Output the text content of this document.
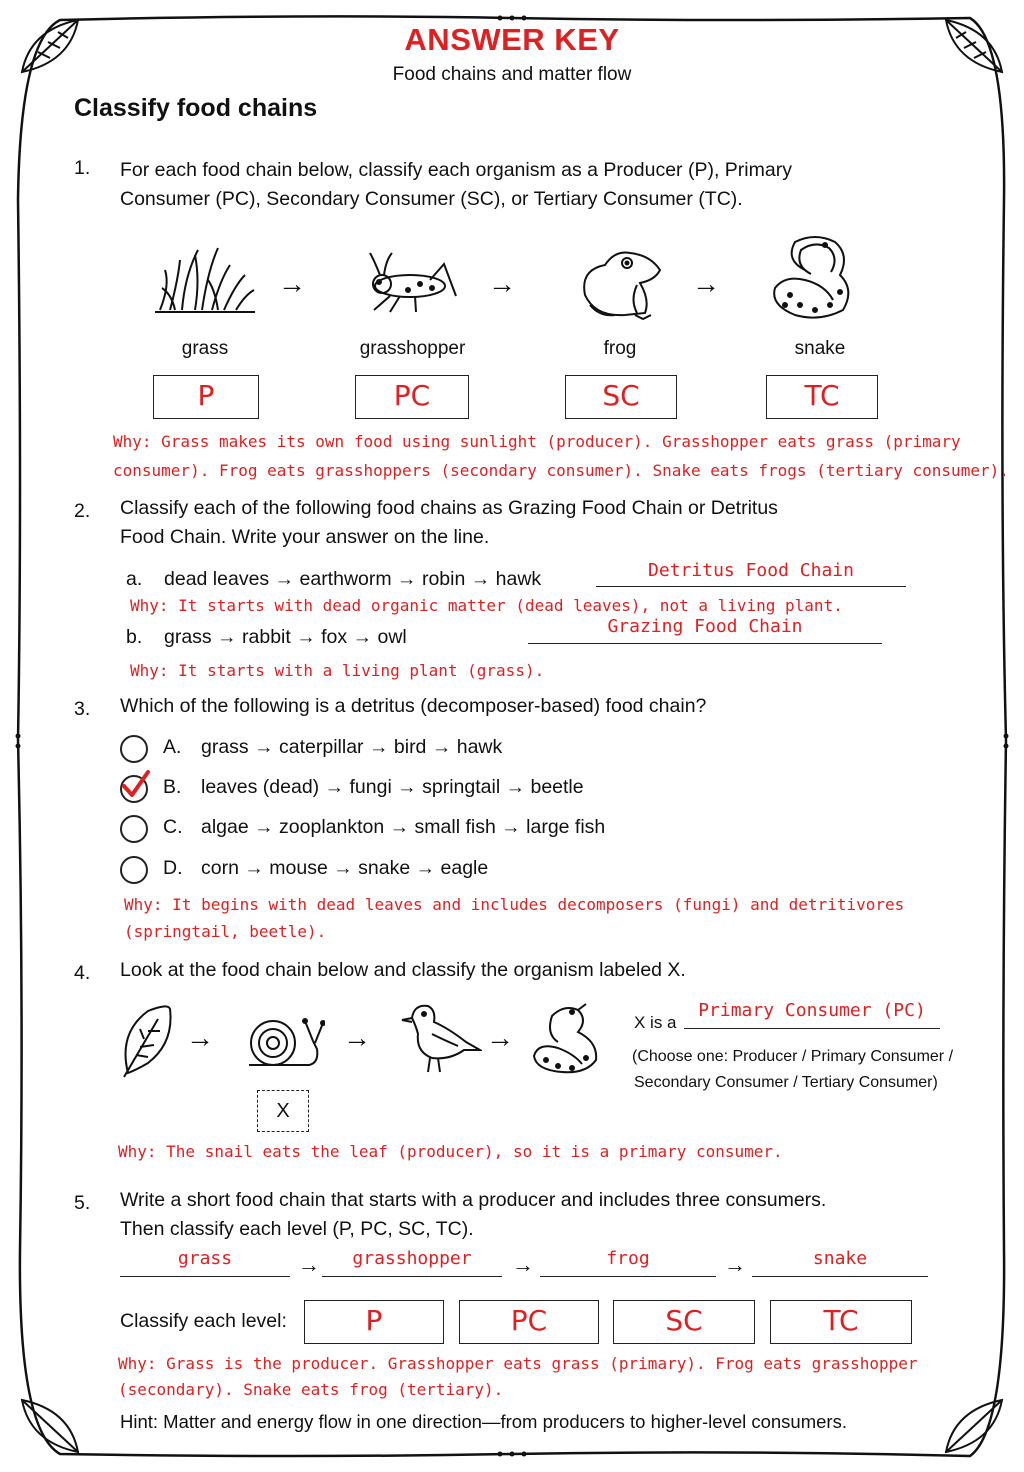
ANSWER KEY
Food chains and matter flow
Classify food chains
1. For each food chain below, classify each organism as a Producer (P), Primary
Consumer (PC), Secondary Consumer (SC), or Tertiary Consumer (TC).
→	→	→
grass	grasshopper	frog	snake
P	PC	SC	TC
Why: Grass makes its own food using sunlight (producer). Grasshopper eats grass (primary
consumer). Frog eats grasshoppers (secondary consumer). Snake eats frogs (tertiary consumer).
2. Classify each of the following food chains as Grazing Food Chain or Detritus
Food Chain. Write your answer on the line.
a. dead leaves → earthworm → robin → hawk	Detritus Food Chain
Why: It starts with dead organic matter (dead leaves), not a living plant.
b. grass → rabbit → fox → owl	Grazing Food Chain
Why: It starts with a living plant (grass).
3. Which of the following is a detritus (decomposer-based) food chain?
A. grass → caterpillar → bird → hawk
B. leaves (dead) → fungi → springtail → beetle
C. algae → zooplankton → small fish → large fish
D. corn → mouse → snake → eagle
Why: It begins with dead leaves and includes decomposers (fungi) and detritivores
(springtail, beetle).
4. Look at the food chain below and classify the organism labeled X.
→	→	→
X
X is a
Primary Consumer (PC)
(Choose one: Producer / Primary Consumer /
Secondary Consumer / Tertiary Consumer)
Why: The snail eats the leaf (producer), so it is a primary consumer.
5. Write a short food chain that starts with a producer and includes three consumers.
Then classify each level (P, PC, SC, TC).
grass	→	grasshopper	→	frog	→	snake
Classify each level:	P	PC	SC	TC
Why: Grass is the producer. Grasshopper eats grass (primary). Frog eats grasshopper
(secondary). Snake eats frog (tertiary).
Hint: Matter and energy flow in one direction—from producers to higher-level consumers.
